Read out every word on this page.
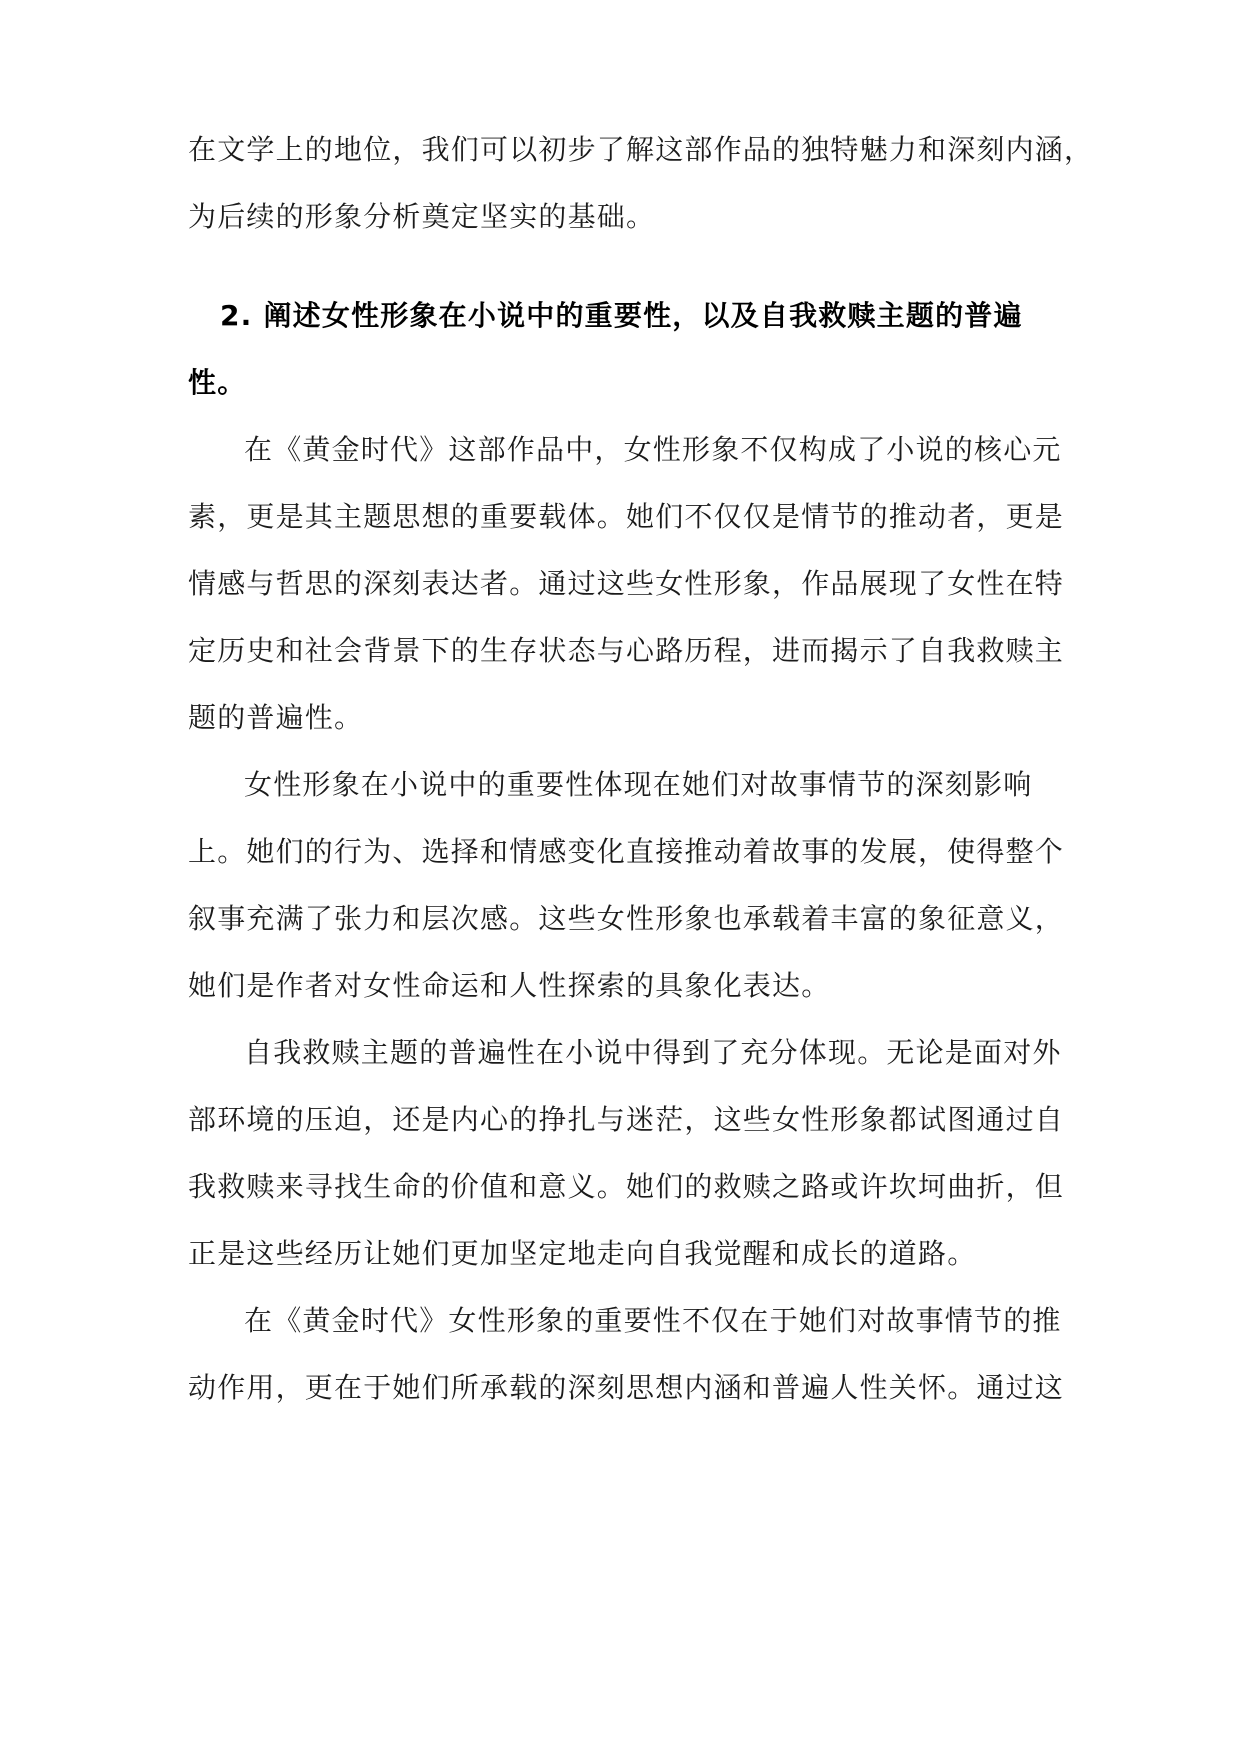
在文学上的地位，我们可以初步了解这部作品的独特魅力和深刻内涵，
为后续的形象分析奠定坚实的基础。
2. 阐述女性形象在小说中的重要性，以及自我救赎主题的普遍
性。
在《黄金时代》这部作品中，女性形象不仅构成了小说的核心元
素，更是其主题思想的重要载体。她们不仅仅是情节的推动者，更是
情感与哲思的深刻表达者。通过这些女性形象，作品展现了女性在特
定历史和社会背景下的生存状态与心路历程，进而揭示了自我救赎主
题的普遍性。
女性形象在小说中的重要性体现在她们对故事情节的深刻影响
上。她们的行为、选择和情感变化直接推动着故事的发展，使得整个
叙事充满了张力和层次感。这些女性形象也承载着丰富的象征意义，
她们是作者对女性命运和人性探索的具象化表达。
自我救赎主题的普遍性在小说中得到了充分体现。无论是面对外
部环境的压迫，还是内心的挣扎与迷茫，这些女性形象都试图通过自
我救赎来寻找生命的价值和意义。她们的救赎之路或许坎坷曲折，但
正是这些经历让她们更加坚定地走向自我觉醒和成长的道路。
在《黄金时代》女性形象的重要性不仅在于她们对故事情节的推
动作用，更在于她们所承载的深刻思想内涵和普遍人性关怀。通过这
